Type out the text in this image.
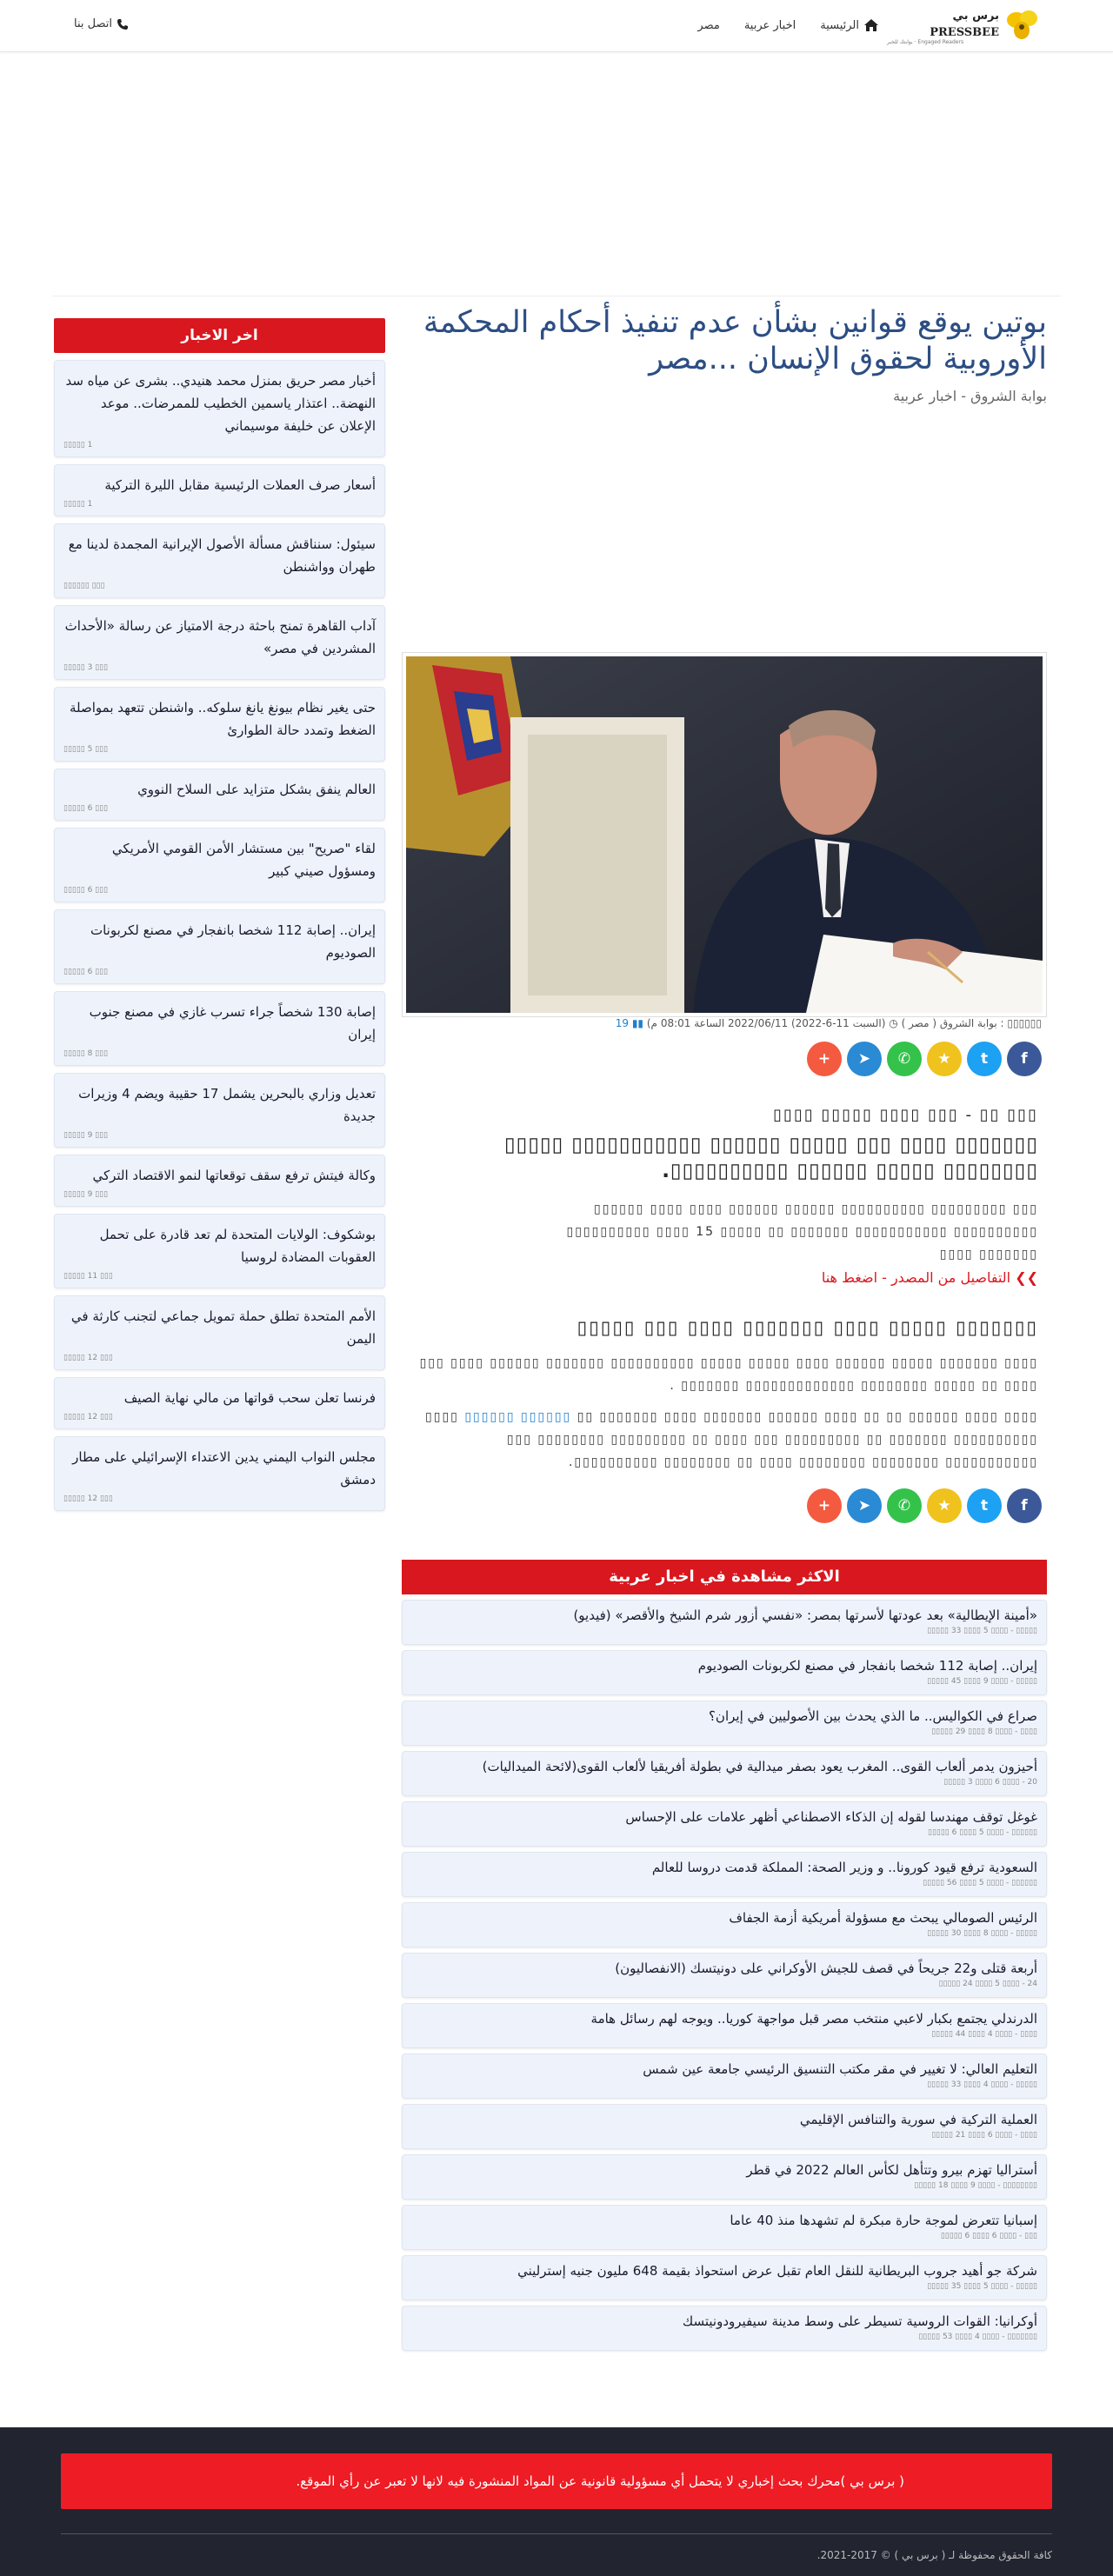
برس بي PRESSBEE
Engaged Readers · بوابتك للخبر
الرئيسية
اخبار عربية
مصر
اتصل بنا
اخر الاخبار
أخبار مصر حريق بمنزل محمد هنيدي.. بشرى عن مياه سد النهضة.. اعتذار ياسمين الخطيب للممرضات.. موعد الإعلان عن خليفة موسيماني
1 ▯▯▯▯▯
أسعار صرف العملات الرئيسية مقابل الليرة التركية
1 ▯▯▯▯▯
سيئول: سنناقش مسألة الأصول الإيرانية المجمدة لدينا مع طهران وواشنطن
▯▯▯ ▯▯▯▯▯▯
آداب القاهرة تمنح باحثة درجة الامتياز عن رسالة «الأحداث المشردين في مصر»
▯▯▯ 3 ▯▯▯▯▯
حتى يغير نظام بيونغ يانغ سلوكه.. واشنطن تتعهد بمواصلة الضغط وتمدد حالة الطوارئ
▯▯▯ 5 ▯▯▯▯▯
العالم ينفق بشكل متزايد على السلاح النووي
▯▯▯ 6 ▯▯▯▯▯
لقاء "صريح" بين مستشار الأمن القومي الأمريكي ومسؤول صيني كبير
▯▯▯ 6 ▯▯▯▯▯
إيران.. إصابة 112 شخصا بانفجار في مصنع لكربونات الصوديوم
▯▯▯ 6 ▯▯▯▯▯
إصابة 130 شخصاً جراء تسرب غازي في مصنع جنوب إيران
▯▯▯ 8 ▯▯▯▯▯
تعديل وزاري بالبحرين يشمل 17 حقيبة ويضم 4 وزيرات جديدة
▯▯▯ 9 ▯▯▯▯▯
وكالة فيتش ترفع سقف توقعاتها لنمو الاقتصاد التركي
▯▯▯ 9 ▯▯▯▯▯
بوشكوف: الولايات المتحدة لم تعد قادرة على تحمل العقوبات المضادة لروسيا
▯▯▯ 11 ▯▯▯▯▯
الأمم المتحدة تطلق حملة تمويل جماعي لتجنب كارثة في اليمن
▯▯▯ 12 ▯▯▯▯▯
فرنسا تعلن سحب قواتها من مالي نهاية الصيف
▯▯▯ 12 ▯▯▯▯▯
مجلس النواب اليمني يدين الاعتداء الإسرائيلي على مطار دمشق
▯▯▯ 12 ▯▯▯▯▯
بوتين يوقع قوانين بشأن عدم تنفيذ أحكام المحكمة الأوروبية لحقوق الإنسان ...مصر
بوابة الشروق - اخبار عربية
▯▯▯▯▯▯ : بوابة الشروق ( مصر ) ◷ (السبت 11-6-2022) 2022/06/11 الساعة 08:01 م) ▮▮ 19
f
t
★
✆
➤
+
▯▯▯ ▯▯ - ▯▯▯ ▯▯▯▯ ▯▯▯▯▯ ▯▯▯▯
▯▯▯▯▯▯▯ ▯▯▯▯ ▯▯▯ ▯▯▯▯▯ ▯▯▯▯▯▯ ▯▯▯▯▯▯▯▯▯▯▯ ▯▯▯▯▯ ▯▯▯▯▯▯▯▯ ▯▯▯▯▯ ▯▯▯▯▯▯ ▯▯▯▯▯▯▯▯▯▯.
▯▯▯ ▯▯▯▯▯▯▯▯▯ ▯▯▯▯▯▯▯▯▯▯ ▯▯▯▯▯▯ ▯▯▯▯▯▯ ▯▯▯▯ ▯▯▯▯ ▯▯▯▯▯▯ ▯▯▯▯▯▯▯▯▯▯ ▯▯▯▯▯▯▯▯▯▯▯ ▯▯▯▯▯▯▯ ▯▯ ▯▯▯▯▯ 15 ▯▯▯▯ ▯▯▯▯▯▯▯▯▯▯ ▯▯▯▯▯▯▯ ▯▯▯▯
❯❯ التفاصيل من المصدر - اضغط هنا
▯▯▯▯▯▯▯ ▯▯▯▯▯ ▯▯▯▯ ▯▯▯▯▯▯▯ ▯▯▯▯ ▯▯▯ ▯▯▯▯▯
▯▯▯▯ ▯▯▯▯▯▯▯ ▯▯▯▯▯ ▯▯▯▯▯▯ ▯▯▯▯ ▯▯▯▯▯ ▯▯▯▯▯ ▯▯▯▯▯▯▯▯▯▯ ▯▯▯▯▯▯▯ ▯▯▯▯▯▯ ▯▯▯▯ ▯▯▯ ▯▯▯▯ ▯▯ ▯▯▯▯▯ ▯▯▯▯▯▯▯▯ ▯▯▯▯▯▯▯▯▯▯▯▯▯ ▯▯▯▯▯▯▯ .
▯▯▯▯ ▯▯▯▯ ▯▯▯▯▯▯ ▯▯ ▯▯ ▯▯▯▯ ▯▯▯▯▯▯ ▯▯▯▯▯▯▯ ▯▯▯▯ ▯▯▯▯▯▯▯ ▯▯ ▯▯▯▯▯▯ ▯▯▯▯▯▯ ▯▯▯▯ ▯▯▯▯▯▯▯▯▯▯ ▯▯▯▯▯▯▯ ▯▯ ▯▯▯▯▯▯▯▯▯ ▯▯▯ ▯▯▯▯ ▯▯ ▯▯▯▯▯▯▯▯▯ ▯▯▯▯▯▯▯▯ ▯▯▯ ▯▯▯▯▯▯▯▯▯▯▯ ▯▯▯▯▯▯▯▯ ▯▯▯▯▯▯▯▯ ▯▯▯▯ ▯▯ ▯▯▯▯▯▯▯▯ ▯▯▯▯▯▯▯▯▯▯.
f
t
★
✆
➤
+
الاكثر مشاهدة في اخبار عربية
«أمينة الإيطالية» بعد عودتها لأسرتها بمصر: «نفسي أزور شرم الشيخ والأقصر» (فيديو)
▯▯▯▯▯ - ▯▯▯▯ 5 ▯▯▯▯ 33 ▯▯▯▯▯
إيران.. إصابة 112 شخصا بانفجار في مصنع لكربونات الصوديوم
▯▯▯▯▯ - ▯▯▯▯ 9 ▯▯▯▯ 45 ▯▯▯▯▯
صراع في الكواليس.. ما الذي يحدث بين الأصوليين في إيران؟
▯▯▯▯ - ▯▯▯▯ 8 ▯▯▯▯ 29 ▯▯▯▯▯
أحيزون يدمر ألعاب القوى.. المغرب يعود بصفر ميدالية في بطولة أفريقيا لألعاب القوى(لائحة الميداليات)
20 - ▯▯▯▯ 6 ▯▯▯▯ 3 ▯▯▯▯▯
غوغل توقف مهندسا لقوله إن الذكاء الاصطناعي أظهر علامات على الإحساس
▯▯▯▯▯▯ - ▯▯▯▯ 5 ▯▯▯▯ 6 ▯▯▯▯▯
السعودية ترفع قيود كورونا.. و وزير الصحة: المملكة قدمت دروسا للعالم
▯▯▯▯▯▯ - ▯▯▯▯ 5 ▯▯▯▯ 56 ▯▯▯▯▯
الرئيس الصومالي يبحث مع مسؤولة أمريكية أزمة الجفاف
▯▯▯▯▯ - ▯▯▯▯ 8 ▯▯▯▯ 30 ▯▯▯▯▯
أربعة قتلى و22 جريحاً في قصف للجيش الأوكراني على دونيتسك (الانفصاليون)
24 - ▯▯▯▯ 5 ▯▯▯▯ 24 ▯▯▯▯▯
الدرندلي يجتمع بكبار لاعبي منتخب مصر قبل مواجهة كوريا.. ويوجه لهم رسائل هامة
▯▯▯▯ - ▯▯▯▯ 4 ▯▯▯▯ 44 ▯▯▯▯▯
التعليم العالي: لا تغيير في مقر مكتب التنسيق الرئيسي جامعة عين شمس
▯▯▯▯▯ - ▯▯▯▯ 4 ▯▯▯▯ 33 ▯▯▯▯▯
العملية التركية في سورية والتنافس الإقليمي
▯▯▯▯ - ▯▯▯▯ 6 ▯▯▯▯ 21 ▯▯▯▯▯
أستراليا تهزم بيرو وتتأهل لكأس العالم 2022 في قطر
▯▯▯▯▯▯▯▯ - ▯▯▯▯ 9 ▯▯▯▯ 18 ▯▯▯▯▯
إسبانيا تتعرض لموجة حارة مبكرة لم تشهدها منذ 40 عاما
▯▯▯ - ▯▯▯▯ 6 ▯▯▯▯ 6 ▯▯▯▯▯
شركة جو أهيد جروب البريطانية للنقل العام تقبل عرض استحواذ بقيمة 648 مليون جنيه إسترليني
▯▯▯▯▯ - ▯▯▯▯ 5 ▯▯▯▯ 35 ▯▯▯▯▯
أوكرانيا: القوات الروسية تسيطر على وسط مدينة سيفيرودونيتسك
▯▯▯▯▯▯▯ - ▯▯▯▯ 4 ▯▯▯▯ 53 ▯▯▯▯▯
( برس بي )محرك بحث إخباري لا يتحمل أي مسؤولية قانونية عن المواد المنشورة فيه لانها لا تعبر عن رأي الموقع.
كافة الحقوق محفوظة لـ ( برس بي ) © 2017-2021.
